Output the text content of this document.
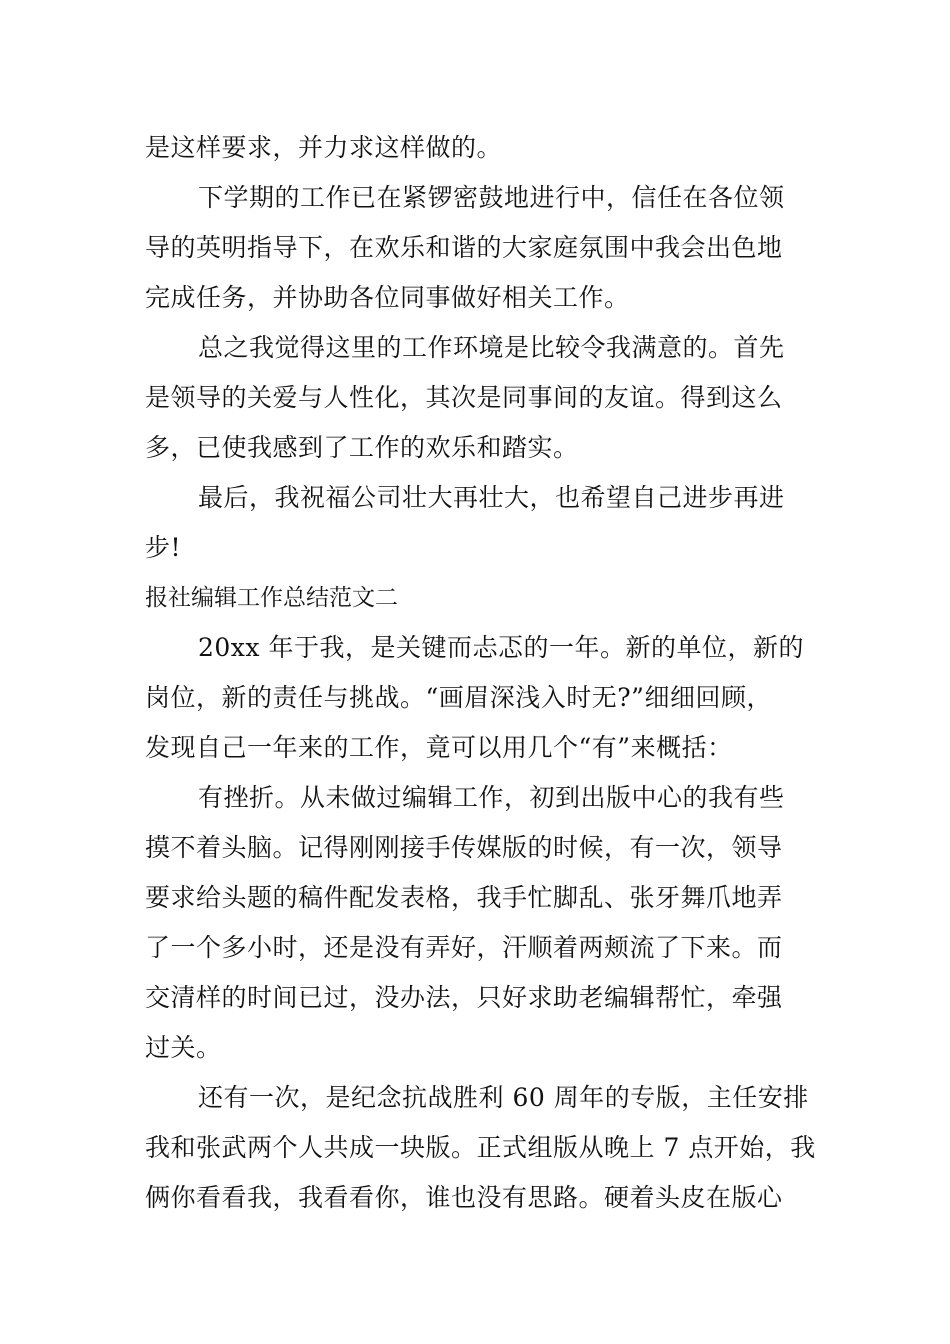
是这样要求，并力求这样做的。
下学期的工作已在紧锣密鼓地进行中，信任在各位领
导的英明指导下，在欢乐和谐的大家庭氛围中我会出色地
完成任务，并协助各位同事做好相关工作。
总之我觉得这里的工作环境是比较令我满意的。首先
是领导的关爱与人性化，其次是同事间的友谊。得到这么
多，已使我感到了工作的欢乐和踏实。
最后，我祝福公司壮大再壮大，也希望自己进步再进
步!
报社编辑工作总结范文二
20xx 年于我，是关键而忐忑的一年。新的单位，新的
岗位，新的责任与挑战。“画眉深浅入时无?”细细回顾，
发现自己一年来的工作，竟可以用几个“有”来概括：
有挫折。从未做过编辑工作，初到出版中心的我有些
摸不着头脑。记得刚刚接手传媒版的时候，有一次，领导
要求给头题的稿件配发表格，我手忙脚乱、张牙舞爪地弄
了一个多小时，还是没有弄好，汗顺着两颊流了下来。而
交清样的时间已过，没办法，只好求助老编辑帮忙，牵强
过关。
还有一次，是纪念抗战胜利 60 周年的专版，主任安排
我和张武两个人共成一块版。正式组版从晚上 7 点开始，我
俩你看看我，我看看你，谁也没有思路。硬着头皮在版心
